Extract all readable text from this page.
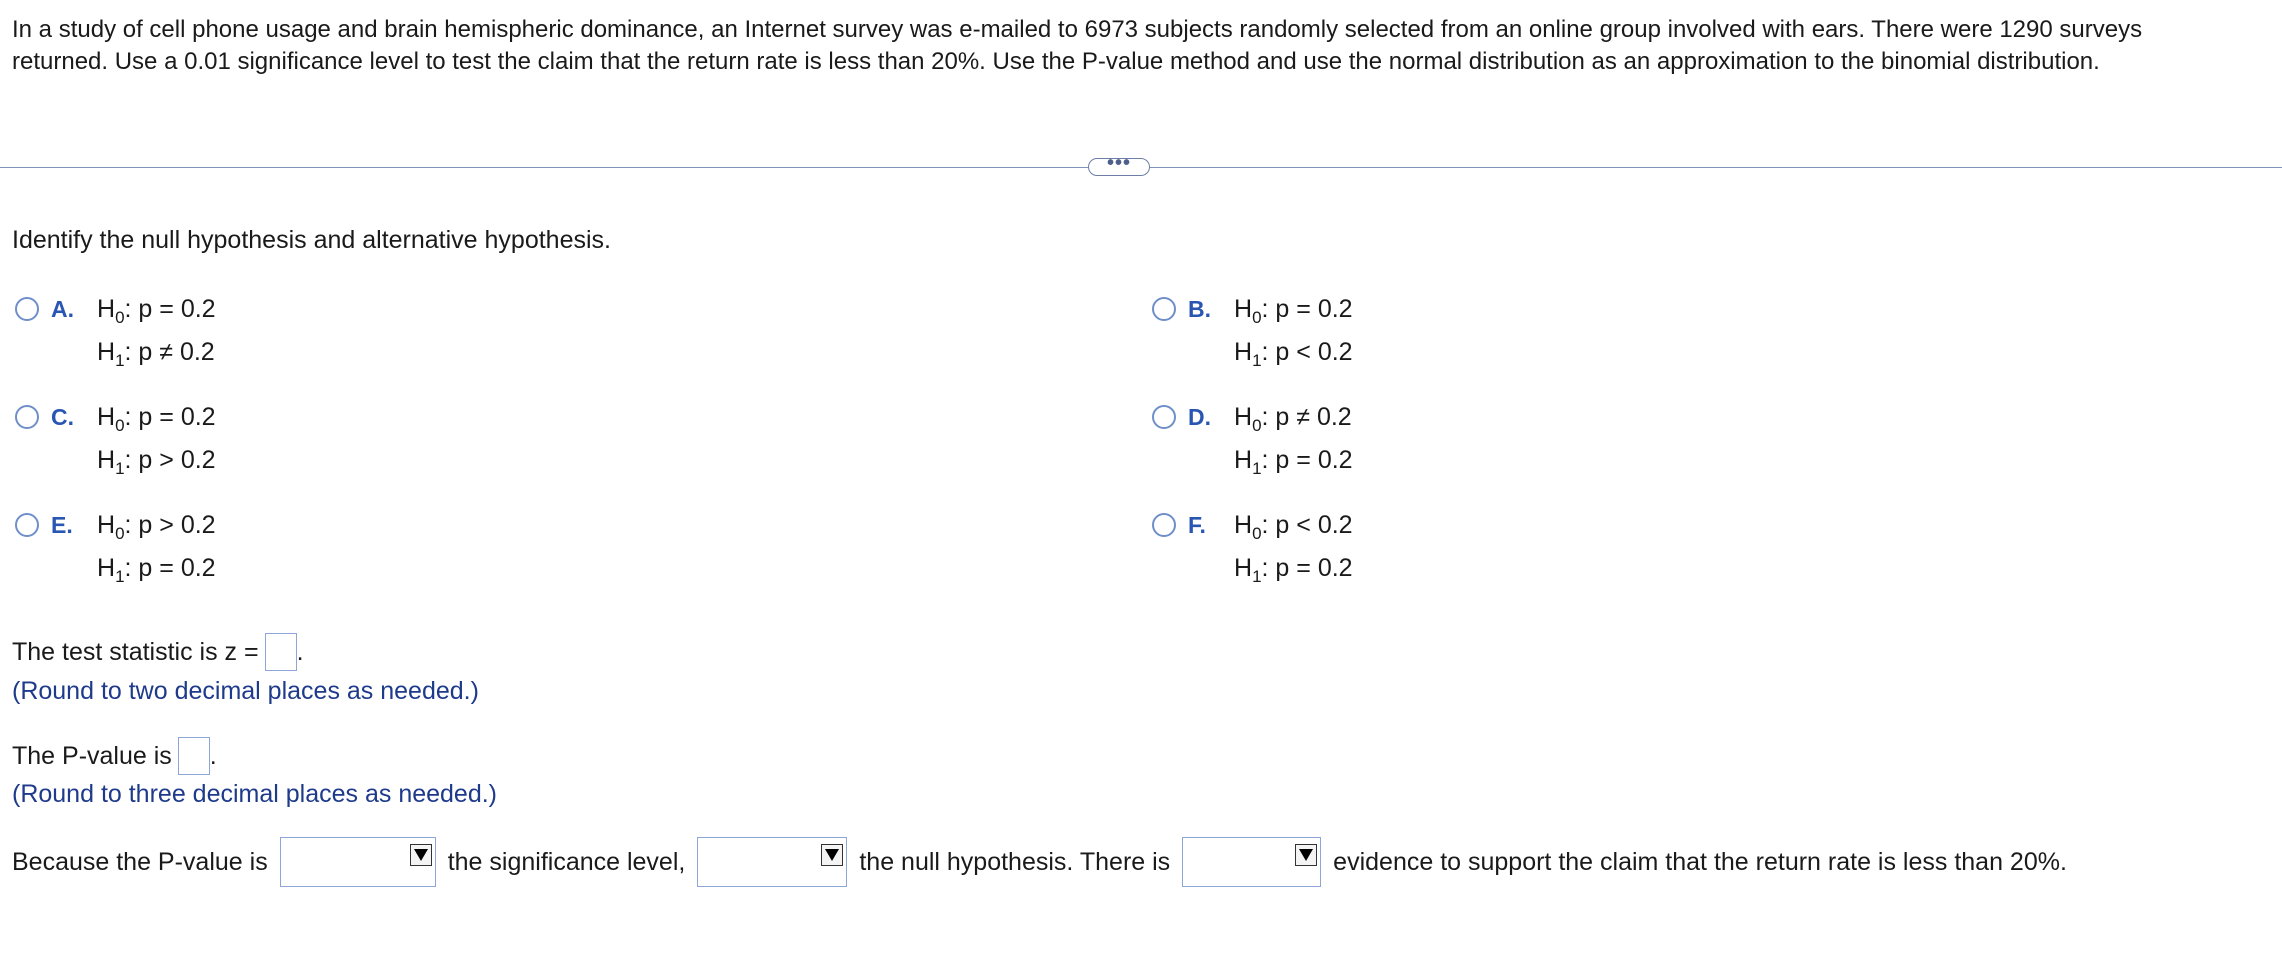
In a study of cell phone usage and brain hemispheric dominance, an Internet survey was e-mailed to 6973 subjects randomly selected from an online group involved with ears. There were 1290 surveys returned. Use a 0.01 significance level to test the claim that the return rate is less than 20%. Use the P-value method and use the normal distribution as an approximation to the binomial distribution.

•••

Identify the null hypothesis and alternative hypothesis.

A. $H_0$: p = 0.2
$H_1$: p ≠ 0.2
B. $H_0$: p = 0.2
$H_1$: p < 0.2
C. $H_0$: p = 0.2
$H_1$: p > 0.2
D. $H_0$: p ≠ 0.2
$H_1$: p = 0.2
E. $H_0$: p > 0.2
$H_1$: p = 0.2
F.	$H_0$: p < 0.2
$H_1$: p = 0.2
The test statistic is z = .

(Round to two decimal places as needed.)

The P-value is .

(Round to three decimal places as needed.)

Because the P-value is	the significance level,	the null hypothesis. There is	evidence to support the claim that the return rate is less than 20%.
